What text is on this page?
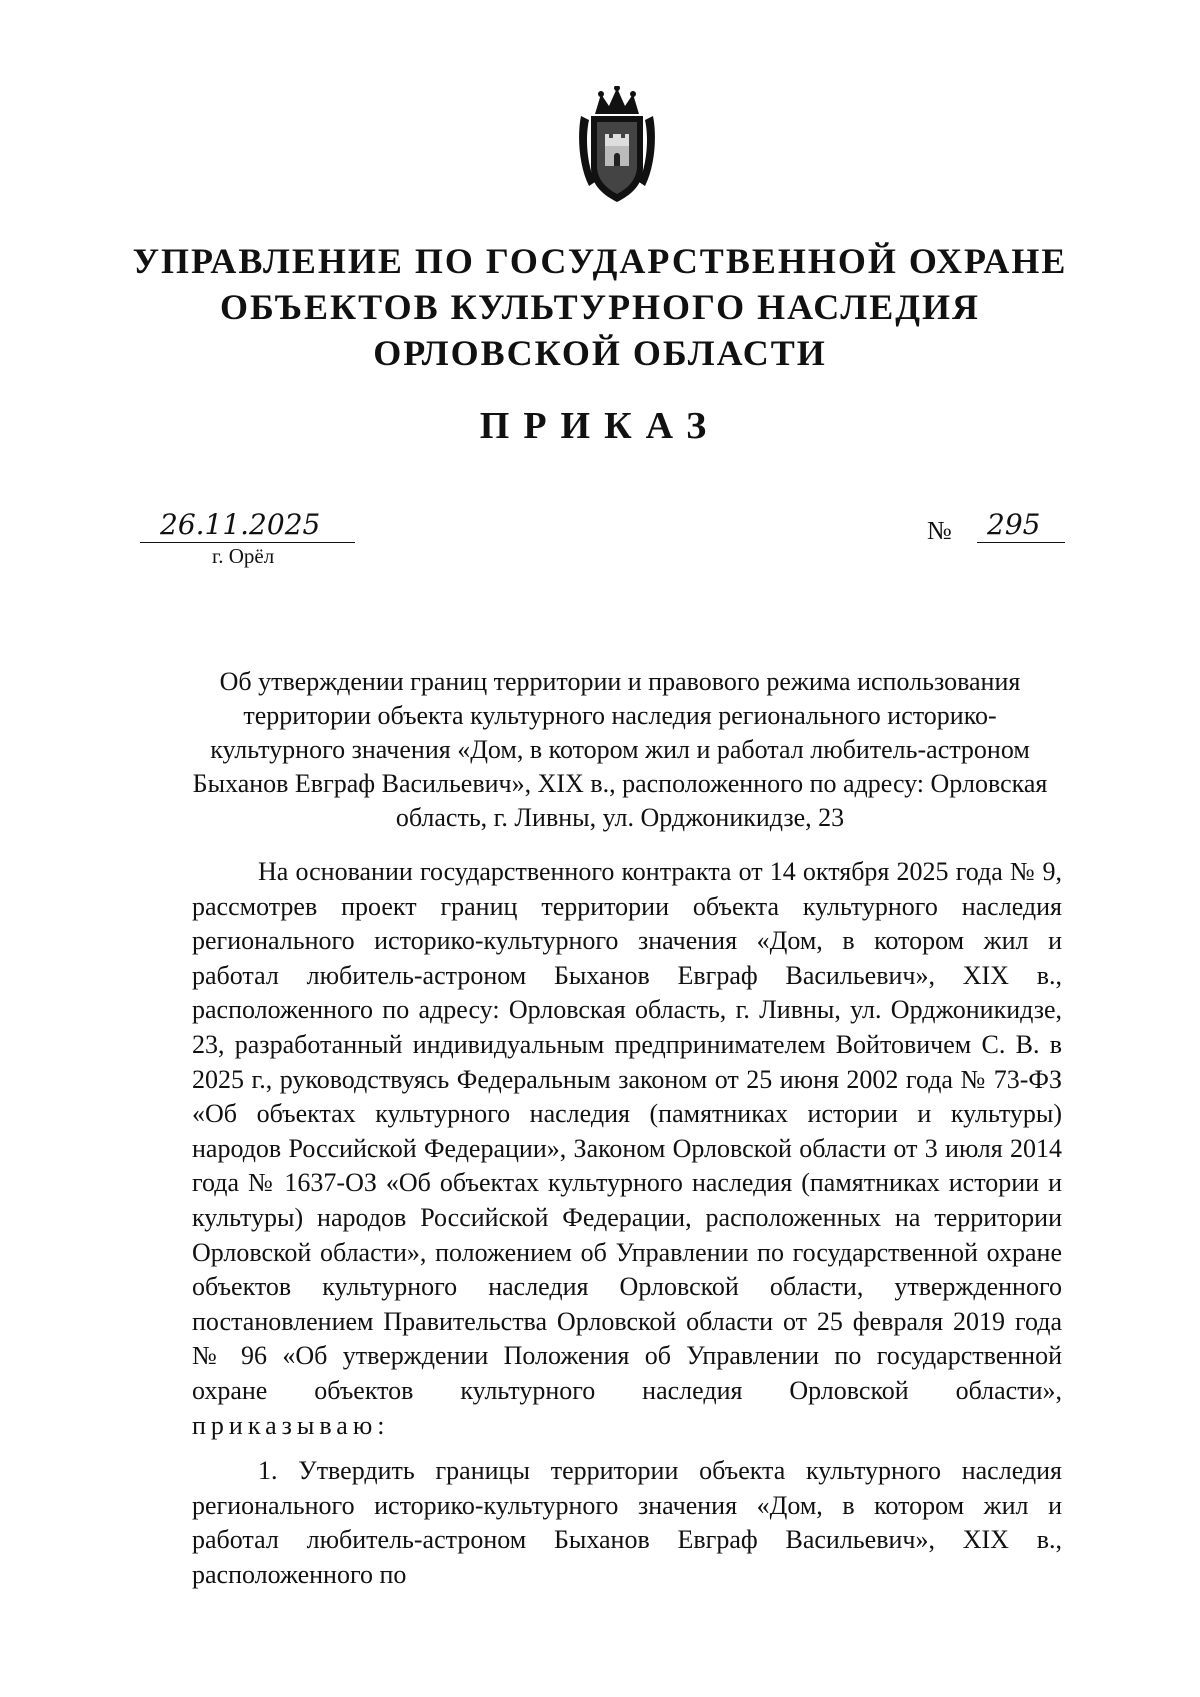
УПРАВЛЕНИЕ ПО ГОСУДАРСТВЕННОЙ ОХРАНЕ
ОБЪЕКТОВ КУЛЬТУРНОГО НАСЛЕДИЯ
ОРЛОВСКОЙ ОБЛАСТИ
ПРИКАЗ
26.11.2025
г. Орёл
№ 295
Об утверждении границ территории и правового режима использования территории объекта культурного наследия регионального историко-культурного значения «Дом, в котором жил и работал любитель-астроном Быханов Евграф Васильевич», XIX в., расположенного по адресу: Орловская область, г. Ливны, ул. Орджоникидзе, 23

На основании государственного контракта от 14 октября 2025 года № 9, рассмотрев проект границ территории объекта культурного наследия регионального историко-культурного значения «Дом, в котором жил и работал любитель-астроном Быханов Евграф Васильевич», XIX в., расположенного по адресу: Орловская область, г. Ливны, ул. Орджоникидзе, 23, разработанный индивидуальным предпринимателем Войтовичем С. В. в 2025 г., руководствуясь Федеральным законом от 25 июня 2002 года № 73-ФЗ «Об объектах культурного наследия (памятниках истории и культуры) народов Российской Федерации», Законом Орловской области от 3 июля 2014 года № 1637-ОЗ «Об объектах культурного наследия (памятниках истории и культуры) народов Российской Федерации, расположенных на территории Орловской области», положением об Управлении по государственной охране объектов культурного наследия Орловской области, утвержденного постановлением Правительства Орловской области от 25 февраля 2019 года № 96 «Об утверждении Положения об Управлении по государственной охране объектов культурного наследия Орловской области», приказываю:

1. Утвердить границы территории объекта культурного наследия регионального историко-культурного значения «Дом, в котором жил и работал любитель-астроном Быханов Евграф Васильевич», XIX в., расположенного по
